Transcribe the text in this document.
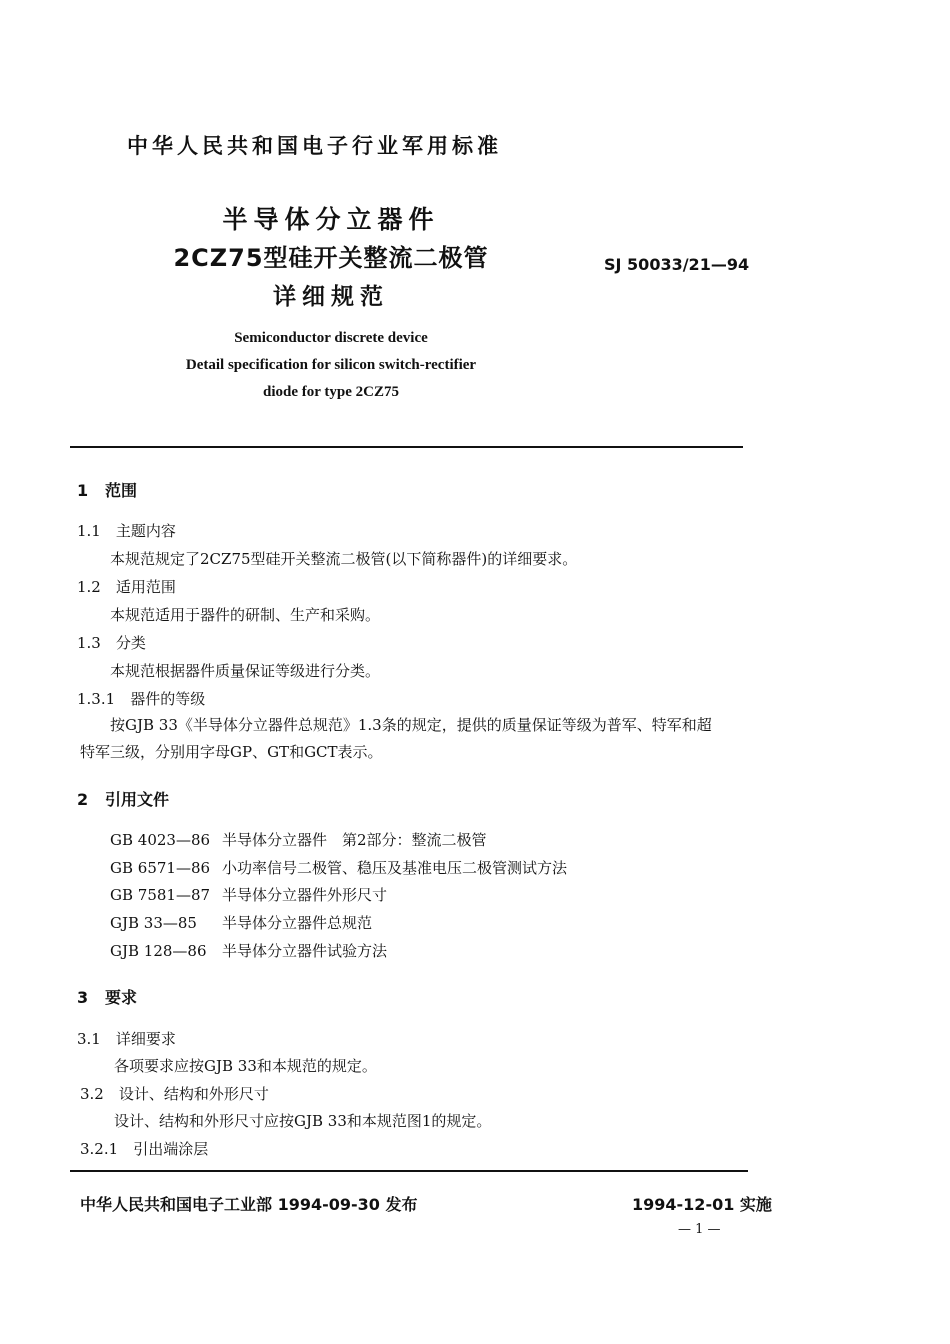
中华人民共和国电子行业军用标准
半导体分立器件
2CZ75型硅开关整流二极管
详细规范
SJ 50033/21—94
Semiconductor discrete device
Detail specification for silicon switch-rectifier
diode for type 2CZ75
1 范围
1.1　 主题内容
本规范规定了2CZ75型硅开关整流二极管(以下简称器件)的详细要求。
1.2　 适用范围
本规范适用于器件的研制、生产和采购。
1.3　 分类
本规范根据器件质量保证等级进行分类。
1.3.1　 器件的等级
按GJB 33《半导体分立器件总规范》1.3条的规定，提供的质量保证等级为普军、特军和超
特军三级，分别用字母GP、GT和GCT表示。
2 引用文件
GB 4023—86 半导体分立器件　第2部分：整流二极管
GB 6571—86 小功率信号二极管、稳压及基准电压二极管测试方法
GB 7581—87 半导体分立器件外形尺寸
GJB 33—85 半导体分立器件总规范
GJB 128—86 半导体分立器件试验方法
3 要求
3.1　 详细要求
各项要求应按GJB 33和本规范的规定。
3.2　 设计、结构和外形尺寸
设计、结构和外形尺寸应按GJB 33和本规范图1的规定。
3.2.1　 引出端涂层
中华人民共和国电子工业部 1994-09-30 发布	1994-12-01 实施
— 1 —
